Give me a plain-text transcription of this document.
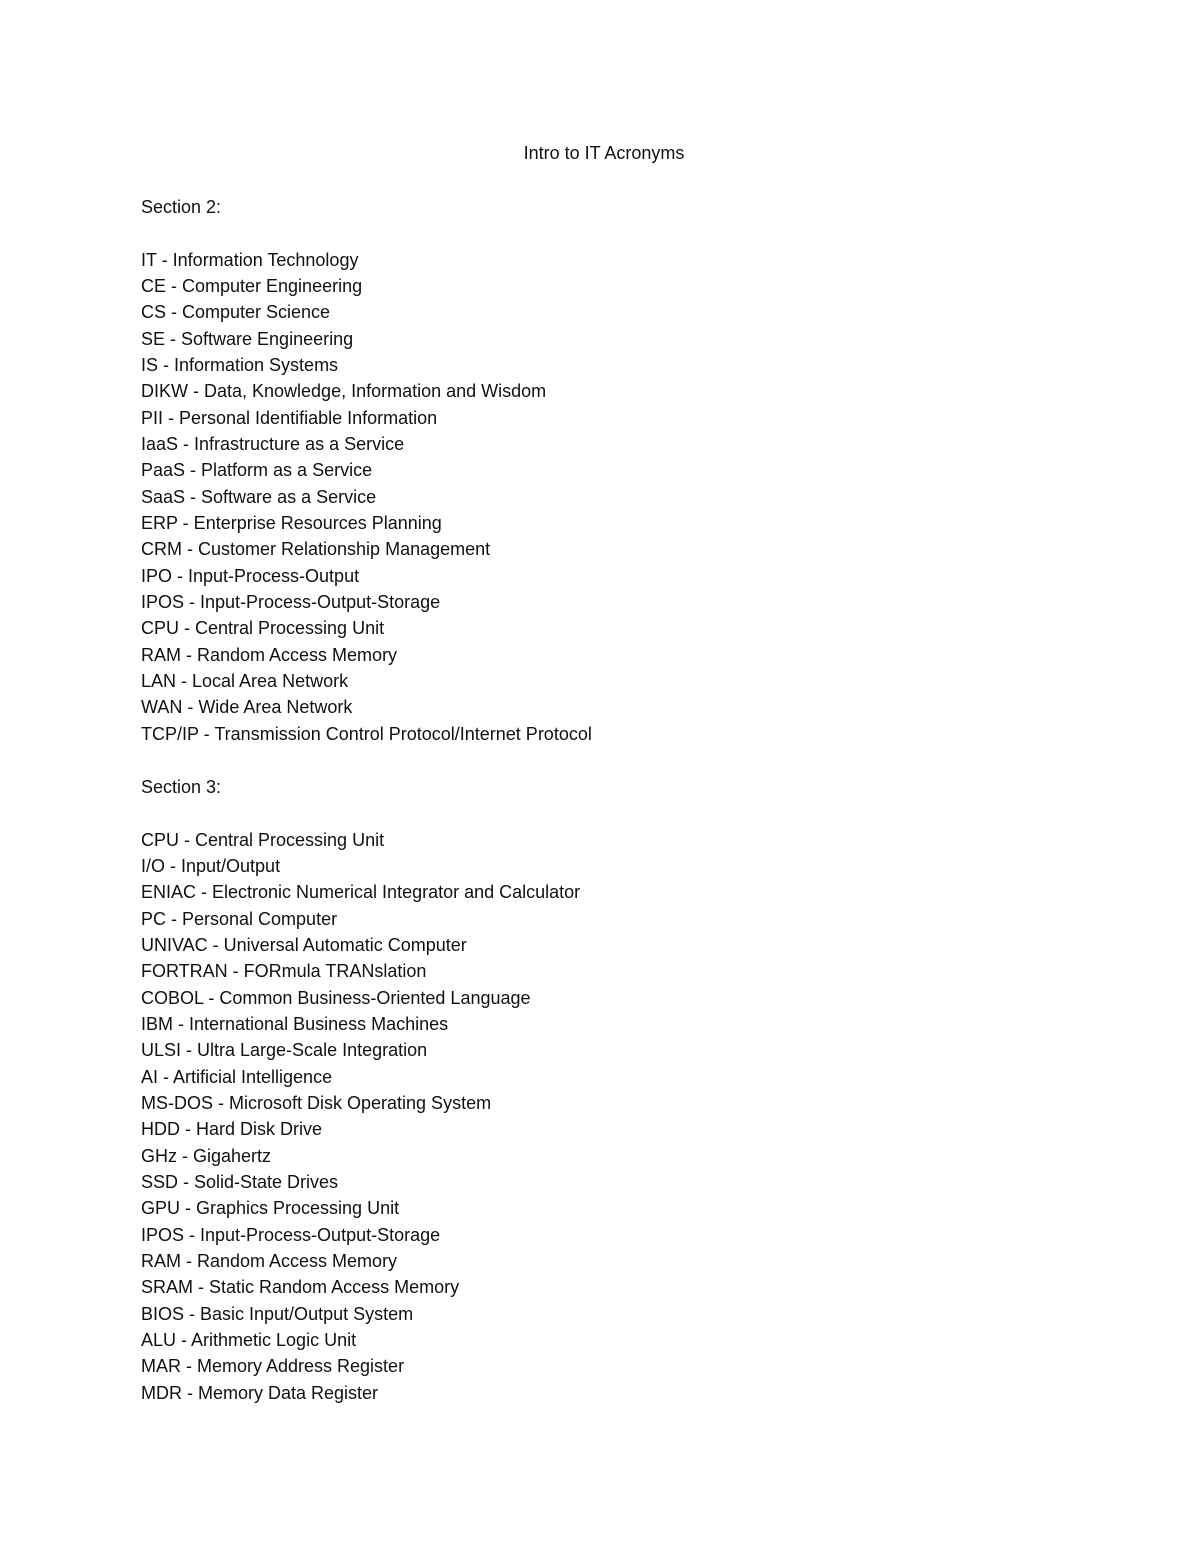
Intro to IT Acronyms
Section 2:
IT - Information Technology
CE - Computer Engineering
CS - Computer Science
SE - Software Engineering
IS - Information Systems
DIKW - Data, Knowledge, Information and Wisdom
PII - Personal Identifiable Information
IaaS - Infrastructure as a Service
PaaS - Platform as a Service
SaaS - Software as a Service
ERP - Enterprise Resources Planning
CRM - Customer Relationship Management
IPO - Input-Process-Output
IPOS - Input-Process-Output-Storage
CPU - Central Processing Unit
RAM - Random Access Memory
LAN - Local Area Network
WAN - Wide Area Network
TCP/IP - Transmission Control Protocol/Internet Protocol
Section 3:
CPU - Central Processing Unit
I/O - Input/Output
ENIAC - Electronic Numerical Integrator and Calculator
PC - Personal Computer
UNIVAC - Universal Automatic Computer
FORTRAN - FORmula TRANslation
COBOL - Common Business-Oriented Language
IBM - International Business Machines
ULSI - Ultra Large-Scale Integration
AI - Artificial Intelligence
MS-DOS - Microsoft Disk Operating System
HDD - Hard Disk Drive
GHz - Gigahertz
SSD - Solid-State Drives
GPU - Graphics Processing Unit
IPOS - Input-Process-Output-Storage
RAM - Random Access Memory
SRAM - Static Random Access Memory
BIOS - Basic Input/Output System
ALU - Arithmetic Logic Unit
MAR - Memory Address Register
MDR - Memory Data Register
